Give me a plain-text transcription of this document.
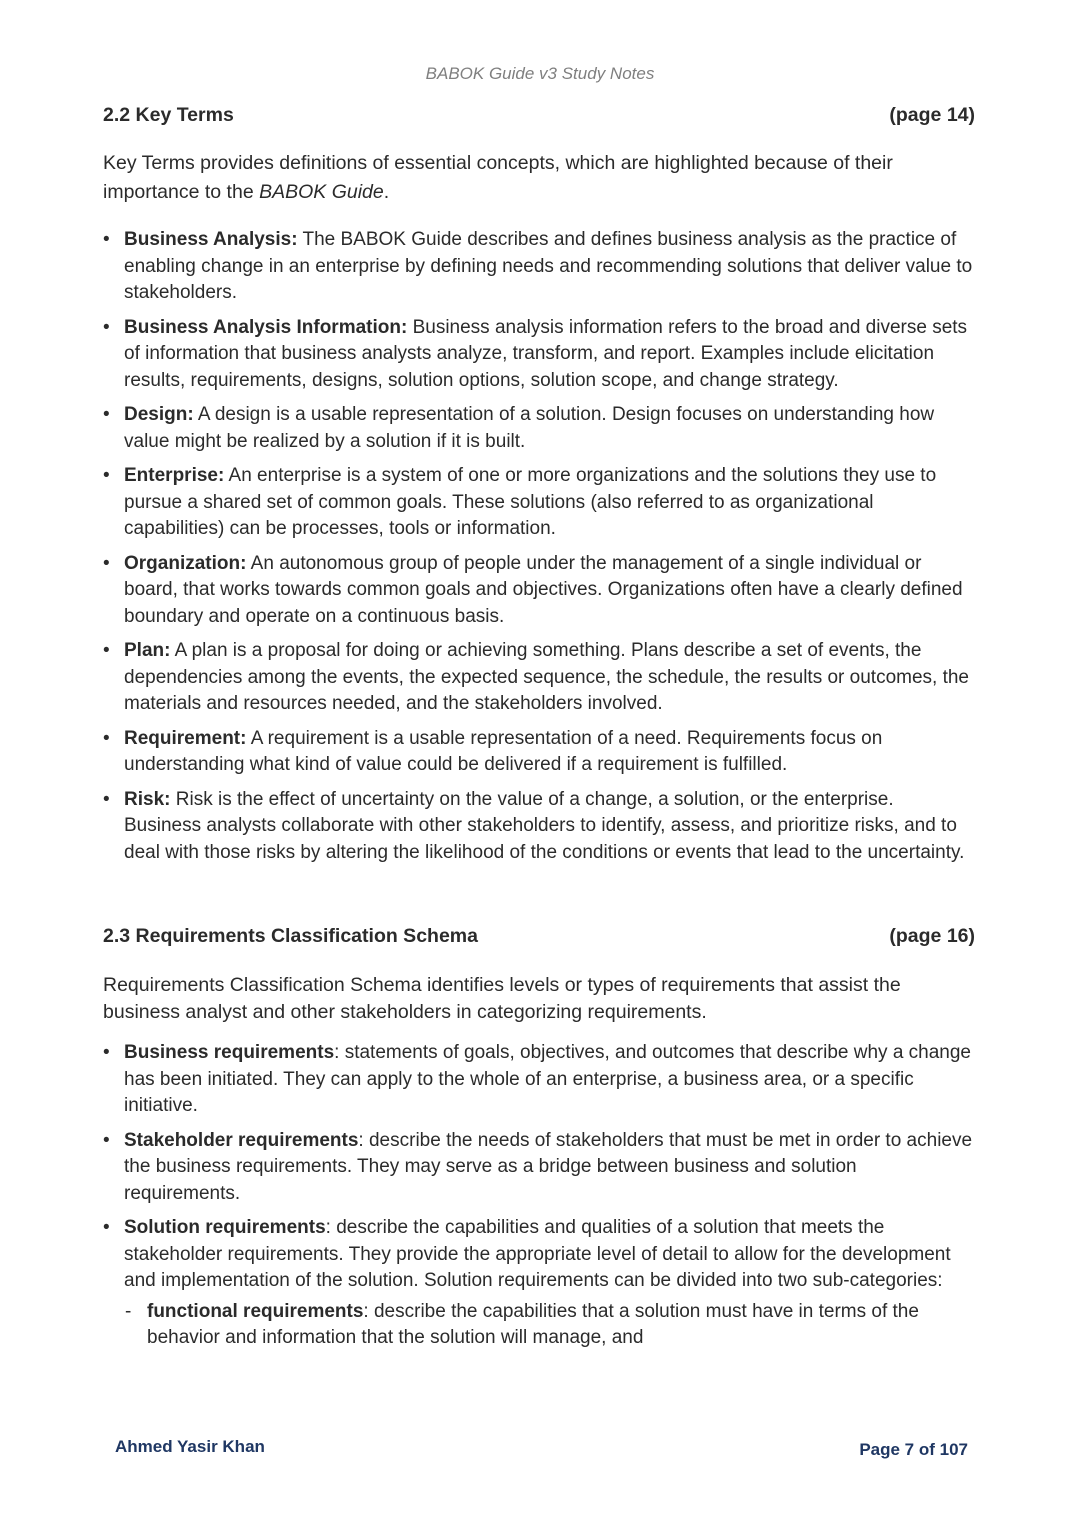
BABOK Guide v3 Study Notes
2.2 Key Terms	(page 14)

Key Terms provides definitions of essential concepts, which are highlighted because of their importance to the BABOK Guide.

• Business Analysis: The BABOK Guide describes and defines business analysis as the practice of enabling change in an enterprise by defining needs and recommending solutions that deliver value to stakeholders.
• Business Analysis Information: Business analysis information refers to the broad and diverse sets of information that business analysts analyze, transform, and report. Examples include elicitation results, requirements, designs, solution options, solution scope, and change strategy.
• Design: A design is a usable representation of a solution. Design focuses on understanding how value might be realized by a solution if it is built.
• Enterprise: An enterprise is a system of one or more organizations and the solutions they use to pursue a shared set of common goals. These solutions (also referred to as organizational capabilities) can be processes, tools or information.
• Organization: An autonomous group of people under the management of a single individual or board, that works towards common goals and objectives. Organizations often have a clearly defined boundary and operate on a continuous basis.
• Plan: A plan is a proposal for doing or achieving something. Plans describe a set of events, the dependencies among the events, the expected sequence, the schedule, the results or outcomes, the materials and resources needed, and the stakeholders involved.
• Requirement: A requirement is a usable representation of a need. Requirements focus on understanding what kind of value could be delivered if a requirement is fulfilled.
• Risk: Risk is the effect of uncertainty on the value of a change, a solution, or the enterprise. Business analysts collaborate with other stakeholders to identify, assess, and prioritize risks, and to deal with those risks by altering the likelihood of the conditions or events that lead to the uncertainty.
2.3 Requirements Classification Schema	(page 16)

Requirements Classification Schema identifies levels or types of requirements that assist the business analyst and other stakeholders in categorizing requirements.

• Business requirements: statements of goals, objectives, and outcomes that describe why a change has been initiated. They can apply to the whole of an enterprise, a business area, or a specific initiative.
• Stakeholder requirements: describe the needs of stakeholders that must be met in order to achieve the business requirements. They may serve as a bridge between business and solution requirements.
• Solution requirements: describe the capabilities and qualities of a solution that meets the stakeholder requirements. They provide the appropriate level of detail to allow for the development and implementation of the solution. Solution requirements can be divided into two sub-categories:
- functional requirements: describe the capabilities that a solution must have in terms of the behavior and information that the solution will manage, and
Ahmed Yasir Khan	Page 7 of 107
